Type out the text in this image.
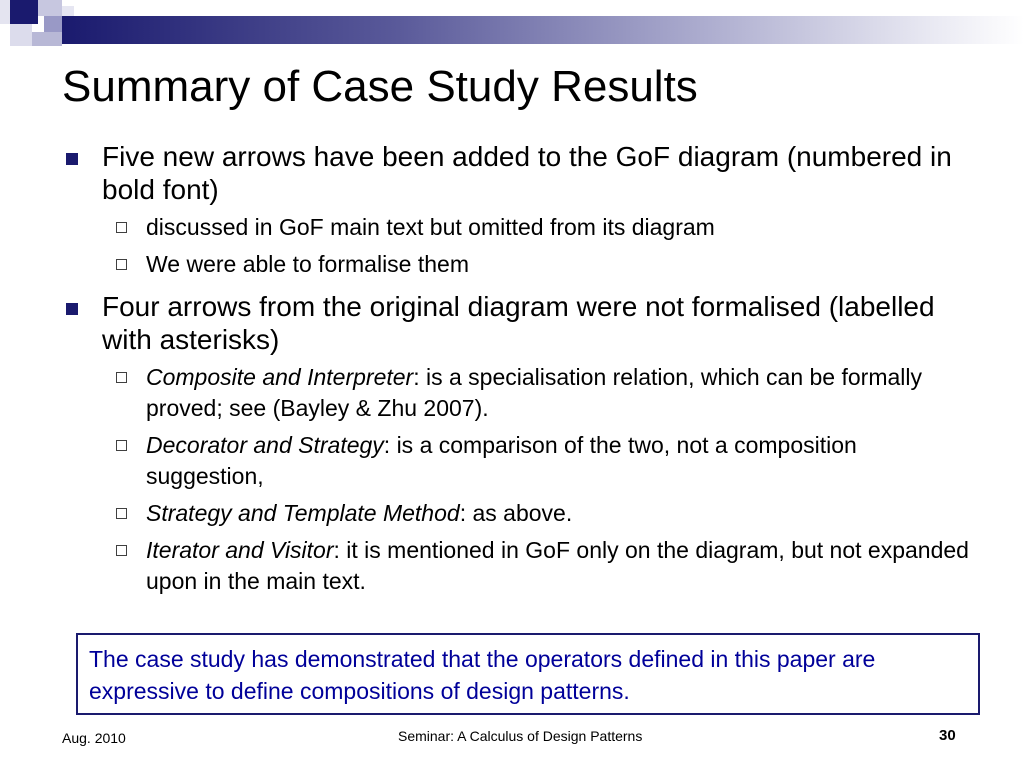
Summary of Case Study Results
Five new arrows have been added to the GoF diagram (numbered in bold font)
discussed in GoF main text but omitted from its diagram
We were able to formalise them
Four arrows from the original diagram were not formalised (labelled with asterisks)
Composite and Interpreter: is a specialisation relation, which can be formally proved; see (Bayley & Zhu 2007).
Decorator and Strategy: is a comparison of the two, not a composition suggestion,
Strategy and Template Method: as above.
Iterator and Visitor: it is mentioned in GoF only on the diagram, but not expanded upon in the main text.
The case study has demonstrated that the operators defined in this paper are expressive to define compositions of design patterns.
Aug. 2010	Seminar: A Calculus of Design Patterns	30
